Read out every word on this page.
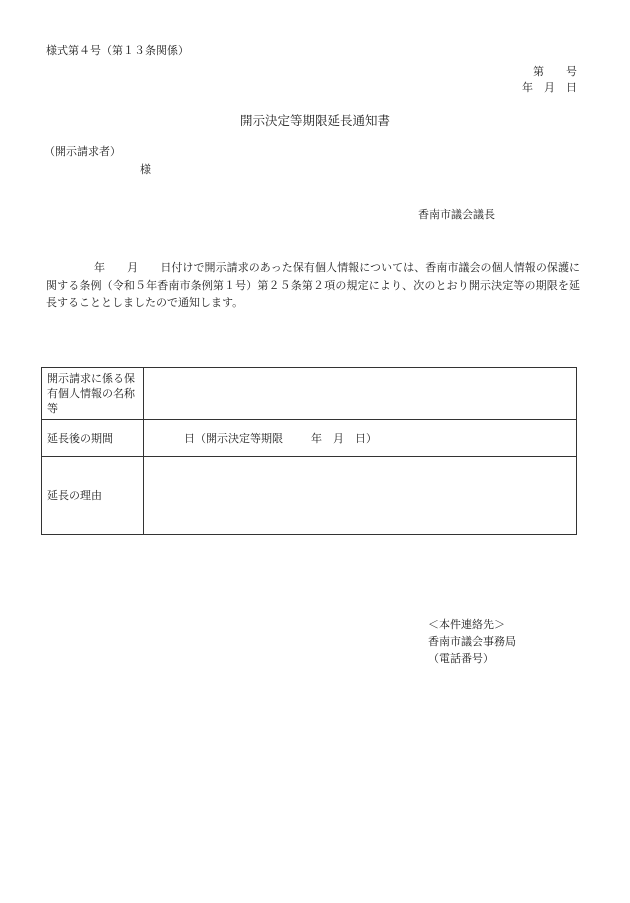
様式第４号（第１３条関係）
第　　号
年　月　日
開示決定等期限延長通知書
（開示請求者）
様
香南市議会議長
年　　月　　日付けで開示請求のあった保有個人情報については、香南市議会の個人情報の保護に関する条例（令和５年香南市条例第１号）第２５条第２項の規定により、次のとおり開示決定等の期限を延長することとしましたので通知します。
開示請求に係る保有個人情報の名称等	
延長後の期間	日（開示決定等期限 年　月　日）
延長の理由	
＜本件連絡先＞
香南市議会事務局
（電話番号）
